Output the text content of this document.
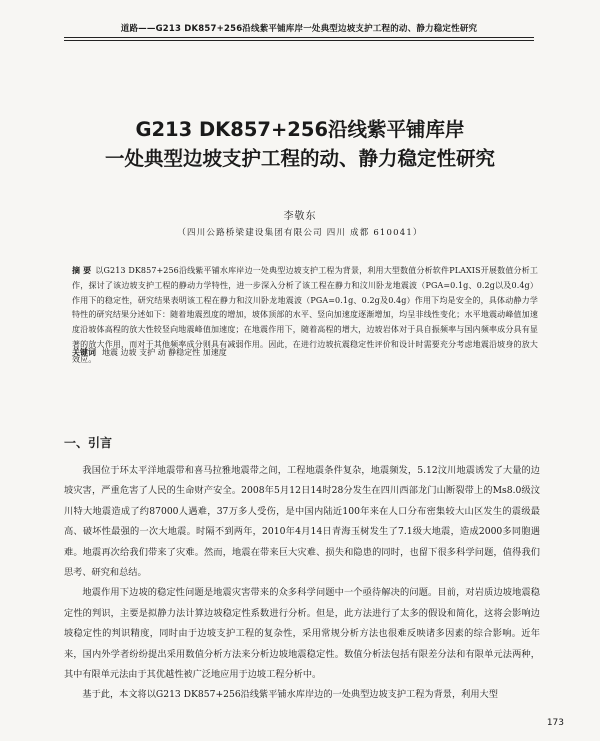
道路——G213 DK857+256沿线紫平铺库岸一处典型边坡支护工程的动、静力稳定性研究
G213 DK857+256沿线紫平铺库岸
一处典型边坡支护工程的动、静力稳定性研究
李敬东
（四川公路桥梁建设集团有限公司 四川 成都 610041）
摘 要 以G213 DK857+256沿线紫平铺水库岸边一处典型边坡支护工程为背景，利用大型数值分析软件PLAXIS开展数值分析工作，探讨了该边坡支护工程的静动力学特性，进一步深入分析了该工程在静力和汶川卧龙地震波（PGA=0.1g、0.2g以及0.4g）作用下的稳定性，研究结果表明该工程在静力和汶川卧龙地震波（PGA=0.1g、0.2g及0.4g）作用下均是安全的，具体动静力学特性的研究结果分述如下：随着地震烈度的增加，坡体顶部的水平、竖向加速度逐渐增加，均呈非线性变化；水平地震动峰值加速度沿坡体高程的放大性较竖向地震峰值加速度；在地震作用下，随着高程的增大，边坡岩体对于具自振频率与国内频率成分具有显著的放大作用，而对于其他频率成分则具有减弱作用。因此，在进行边坡抗震稳定性评价和设计时需要充分考虑地震沿坡身的放大效应。
关键词 地震 边坡 支护 动 静稳定性 加速度
一、引言

我国位于环太平洋地震带和喜马拉雅地震带之间，工程地震条件复杂，地震频发，5.12汶川地震诱发了大量的边坡灾害，严重危害了人民的生命财产安全。2008年5月12日14时28分发生在四川西部龙门山断裂带上的Ms8.0级汶川特大地震造成了约87000人遇难，37万多人受伤，是中国内陆近100年来在人口分布密集较大山区发生的震级最高、破坏性最强的一次大地震。时隔不到两年，2010年4月14日青海玉树发生了7.1级大地震，造成2000多同胞遇难。地震再次给我们带来了灾难。然而，地震在带来巨大灾难、损失和隐患的同时，也留下很多科学问题，值得我们思考、研究和总结。

地震作用下边坡的稳定性问题是地震灾害带来的众多科学问题中一个亟待解决的问题。目前，对岩质边坡地震稳定性的判识，主要是拟静力法计算边坡稳定性系数进行分析。但是，此方法进行了太多的假设和简化，这将会影响边坡稳定性的判识精度，同时由于边坡支护工程的复杂性，采用常规分析方法也很难反映诸多因素的综合影响。近年来，国内外学者纷纷提出采用数值分析方法来分析边坡地震稳定性。数值分析法包括有限差分法和有限单元法两种，其中有限单元法由于其优越性被广泛地应用于边坡工程分析中。

基于此，本文将以G213 DK857+256沿线紫平铺水库岸边的一处典型边坡支护工程为背景，利用大型

173
